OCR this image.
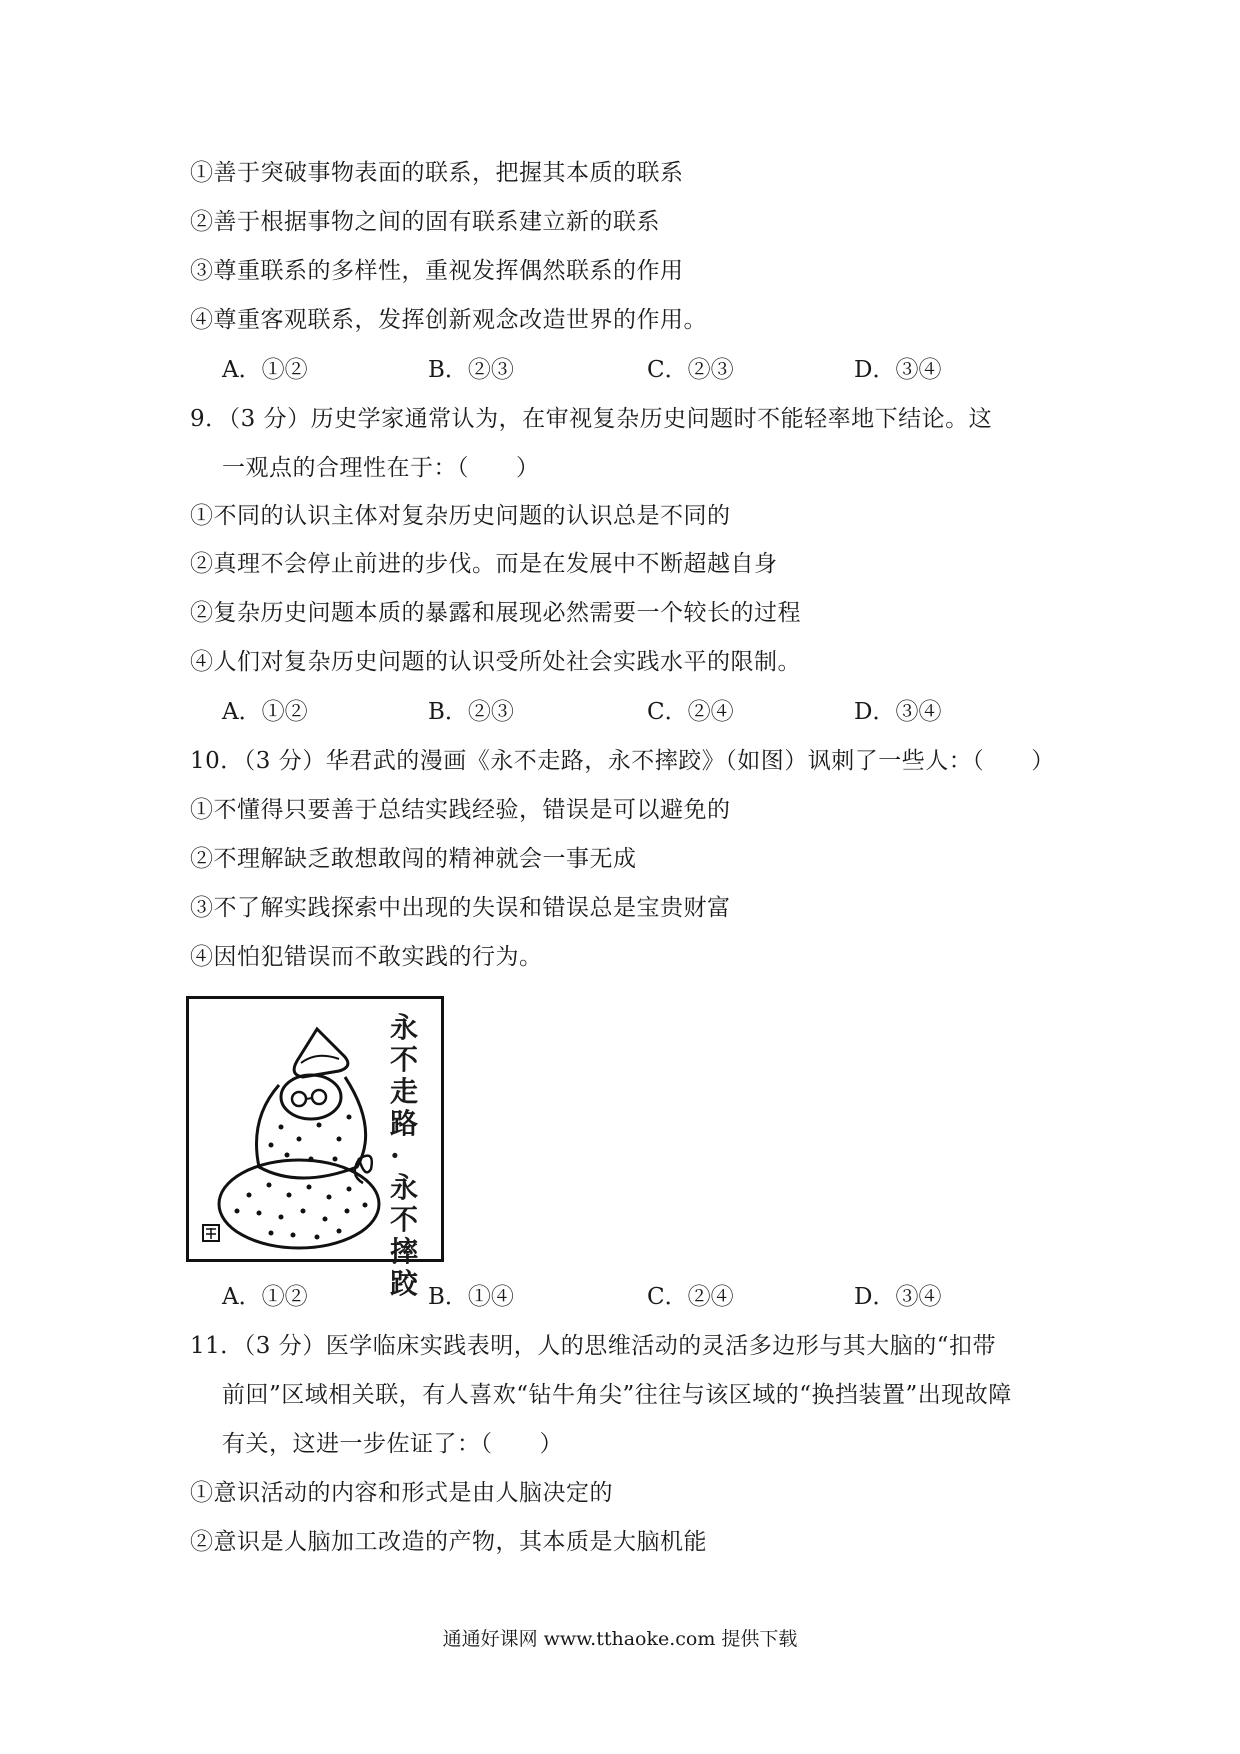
①善于突破事物表面的联系，把握其本质的联系
②善于根据事物之间的固有联系建立新的联系
③尊重联系的多样性，重视发挥偶然联系的作用
④尊重客观联系，发挥创新观念改造世界的作用。
A．①②	B．②③	C．②③	D．③④
9．（3 分）历史学家通常认为，在审视复杂历史问题时不能轻率地下结论。这
一观点的合理性在于：（　　）
①不同的认识主体对复杂历史问题的认识总是不同的
②真理不会停止前进的步伐。而是在发展中不断超越自身
②复杂历史问题本质的暴露和展现必然需要一个较长的过程
④人们对复杂历史问题的认识受所处社会实践水平的限制。
A．①②	B．②③	C．②④	D．③④
10．（3 分）华君武的漫画《永不走路，永不摔跤》（如图）讽刺了一些人：（　　）
①不懂得只要善于总结实践经验，错误是可以避免的
②不理解缺乏敢想敢闯的精神就会一事无成
③不了解实践探索中出现的失误和错误总是宝贵财富
④因怕犯错误而不敢实践的行为。
永不走路·永不摔跤
A．①②	B．①④	C．②④	D．③④
11．（3 分）医学临床实践表明，人的思维活动的灵活多边形与其大脑的“扣带
前回”区域相关联，有人喜欢“钻牛角尖”往往与该区域的“换挡装置”出现故障
有关，这进一步佐证了：（　　）
①意识活动的内容和形式是由人脑决定的
②意识是人脑加工改造的产物，其本质是大脑机能
通通好课网 www.tthaoke.com 提供下载
